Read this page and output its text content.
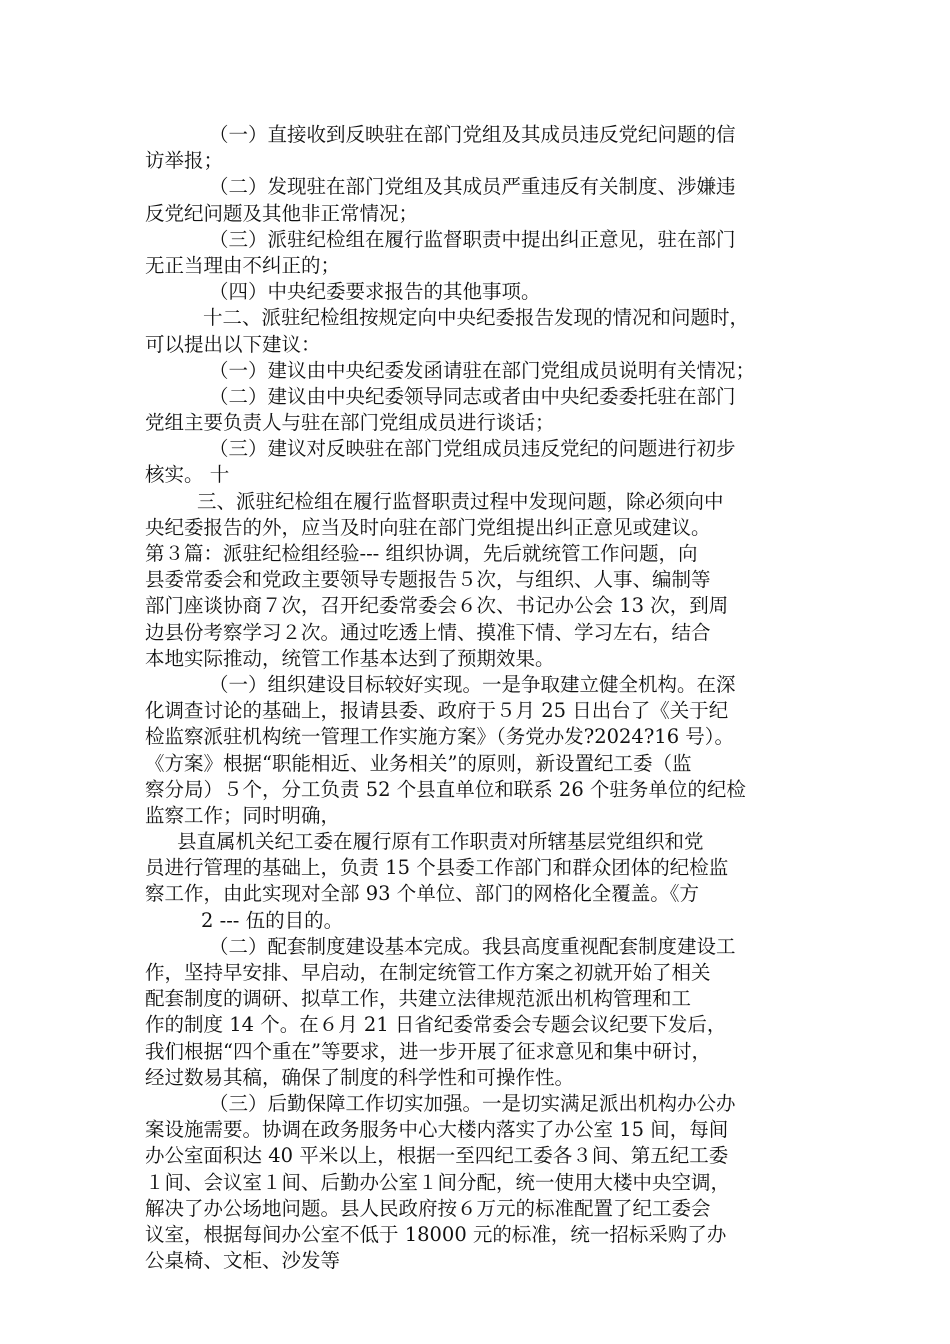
（一）直接收到反映驻在部门党组及其成员违反党纪问题的信
访举报；
（二）发现驻在部门党组及其成员严重违反有关制度、涉嫌违
反党纪问题及其他非正常情况；
（三）派驻纪检组在履行监督职责中提出纠正意见，驻在部门
无正当理由不纠正的；
（四）中央纪委要求报告的其他事项。
十二、派驻纪检组按规定向中央纪委报告发现的情况和问题时，
可以提出以下建议：
（一）建议由中央纪委发函请驻在部门党组成员说明有关情况；
（二）建议由中央纪委领导同志或者由中央纪委委托驻在部门
党组主要负责人与驻在部门党组成员进行谈话；
（三）建议对反映驻在部门党组成员违反党纪的问题进行初步
核实。 十
三、派驻纪检组在履行监督职责过程中发现问题，除必须向中
央纪委报告的外，应当及时向驻在部门党组提出纠正意见或建议。
第３篇：派驻纪检组经验--- 组织协调，先后就统管工作问题，向
县委常委会和党政主要领导专题报告５次，与组织、人事、编制等
部门座谈协商７次，召开纪委常委会６次、书记办公会 13 次，到周
边县份考察学习２次。通过吃透上情、摸准下情、学习左右，结合
本地实际推动，统管工作基本达到了预期效果。
（一）组织建设目标较好实现。一是争取建立健全机构。在深
化调查讨论的基础上，报请县委、政府于５月 25 日出台了《关于纪
检监察派驻机构统一管理工作实施方案》（务党办发?2024?16 号）。
《方案》根据“职能相近、业务相关”的原则，新设置纪工委（监
察分局）５个，分工负责 52 个县直单位和联系 26 个驻务单位的纪检
监察工作；同时明确，
县直属机关纪工委在履行原有工作职责对所辖基层党组织和党
员进行管理的基础上，负责 15 个县委工作部门和群众团体的纪检监
察工作，由此实现对全部 93 个单位、部门的网格化全覆盖。《方
2 --- 伍的目的。
（二）配套制度建设基本完成。我县高度重视配套制度建设工
作，坚持早安排、早启动，在制定统管工作方案之初就开始了相关
配套制度的调研、拟草工作，共建立法律规范派出机构管理和工
作的制度 14 个。在６月 21 日省纪委常委会专题会议纪要下发后，
我们根据“四个重在”等要求，进一步开展了征求意见和集中研讨，
经过数易其稿，确保了制度的科学性和可操作性。
（三）后勤保障工作切实加强。一是切实满足派出机构办公办
案设施需要。协调在政务服务中心大楼内落实了办公室 15 间，每间
办公室面积达 40 平米以上，根据一至四纪工委各３间、第五纪工委
１间、会议室１间、后勤办公室１间分配，统一使用大楼中央空调，
解决了办公场地问题。县人民政府按６万元的标准配置了纪工委会
议室，根据每间办公室不低于 18000 元的标准，统一招标采购了办
公桌椅、文柜、沙发等
